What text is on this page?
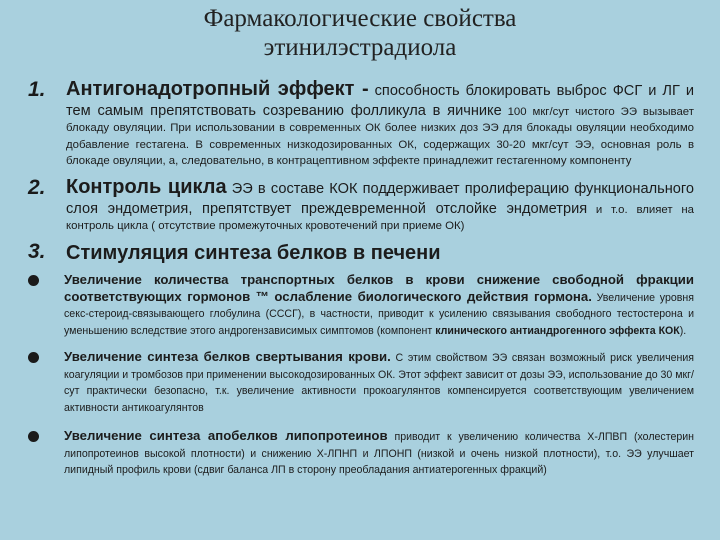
Фармакологические свойства
этинилэстрадиола
1.	Антигонадотропный эффект - способность блокировать выброс ФСГ и ЛГ и тем самым препятствовать созреванию фолликула в яичнике 100 мкг/сут чистого ЭЭ вызывает блокаду овуляции. При использовании в современных ОК более низких доз ЭЭ для блокады овуляции необходимо добавление гестагена. В современных низкодозированных ОК, содержащих 30-20 мкг/сут ЭЭ, основная роль в блокаде овуляции, а, следовательно, в контрацептивном эффекте принадлежит гестагенному компоненту
2.	Контроль цикла ЭЭ в составе КОК поддерживает пролиферацию функционального слоя эндометрия, препятствует преждевременной отслойке эндометрия и т.о. влияет на контроль цикла ( отсутствие промежуточных кровотечений при приеме ОК)
3.	Стимуляция синтеза белков в печени
Увеличение количества транспортных белков в крови снижение свободной фракции соответствующих гормонов ™ ослабление биологического действия гормона. Увеличение уровня секс-стероид-связывающего глобулина (СССГ), в частности, приводит к усилению связывания свободного тестостерона и уменьшению вследствие этого андрогензависимых симптомов (компонент клинического антиандрогенного эффекта КОК).
Увеличение синтеза белков свертывания крови. С этим свойством ЭЭ связан возможный риск увеличения коагуляции и тромбозов при применении высокодозированных ОК. Этот эффект зависит от дозы ЭЭ, использование до 30 мкг/сут практически безопасно, т.к. увеличение активности прокоагулянтов компенсируется соответствующим увеличением активности антикоагулянтов
Увеличение синтеза апобелков липопротеинов приводит к увеличению количества Х-ЛПВП (холестерин липопротеинов высокой плотности) и снижению Х-ЛПНП и ЛПОНП (низкой и очень низкой плотности), т.о. ЭЭ улучшает липидный профиль крови (сдвиг баланса ЛП в сторону преобладания антиатерогенных фракций)
